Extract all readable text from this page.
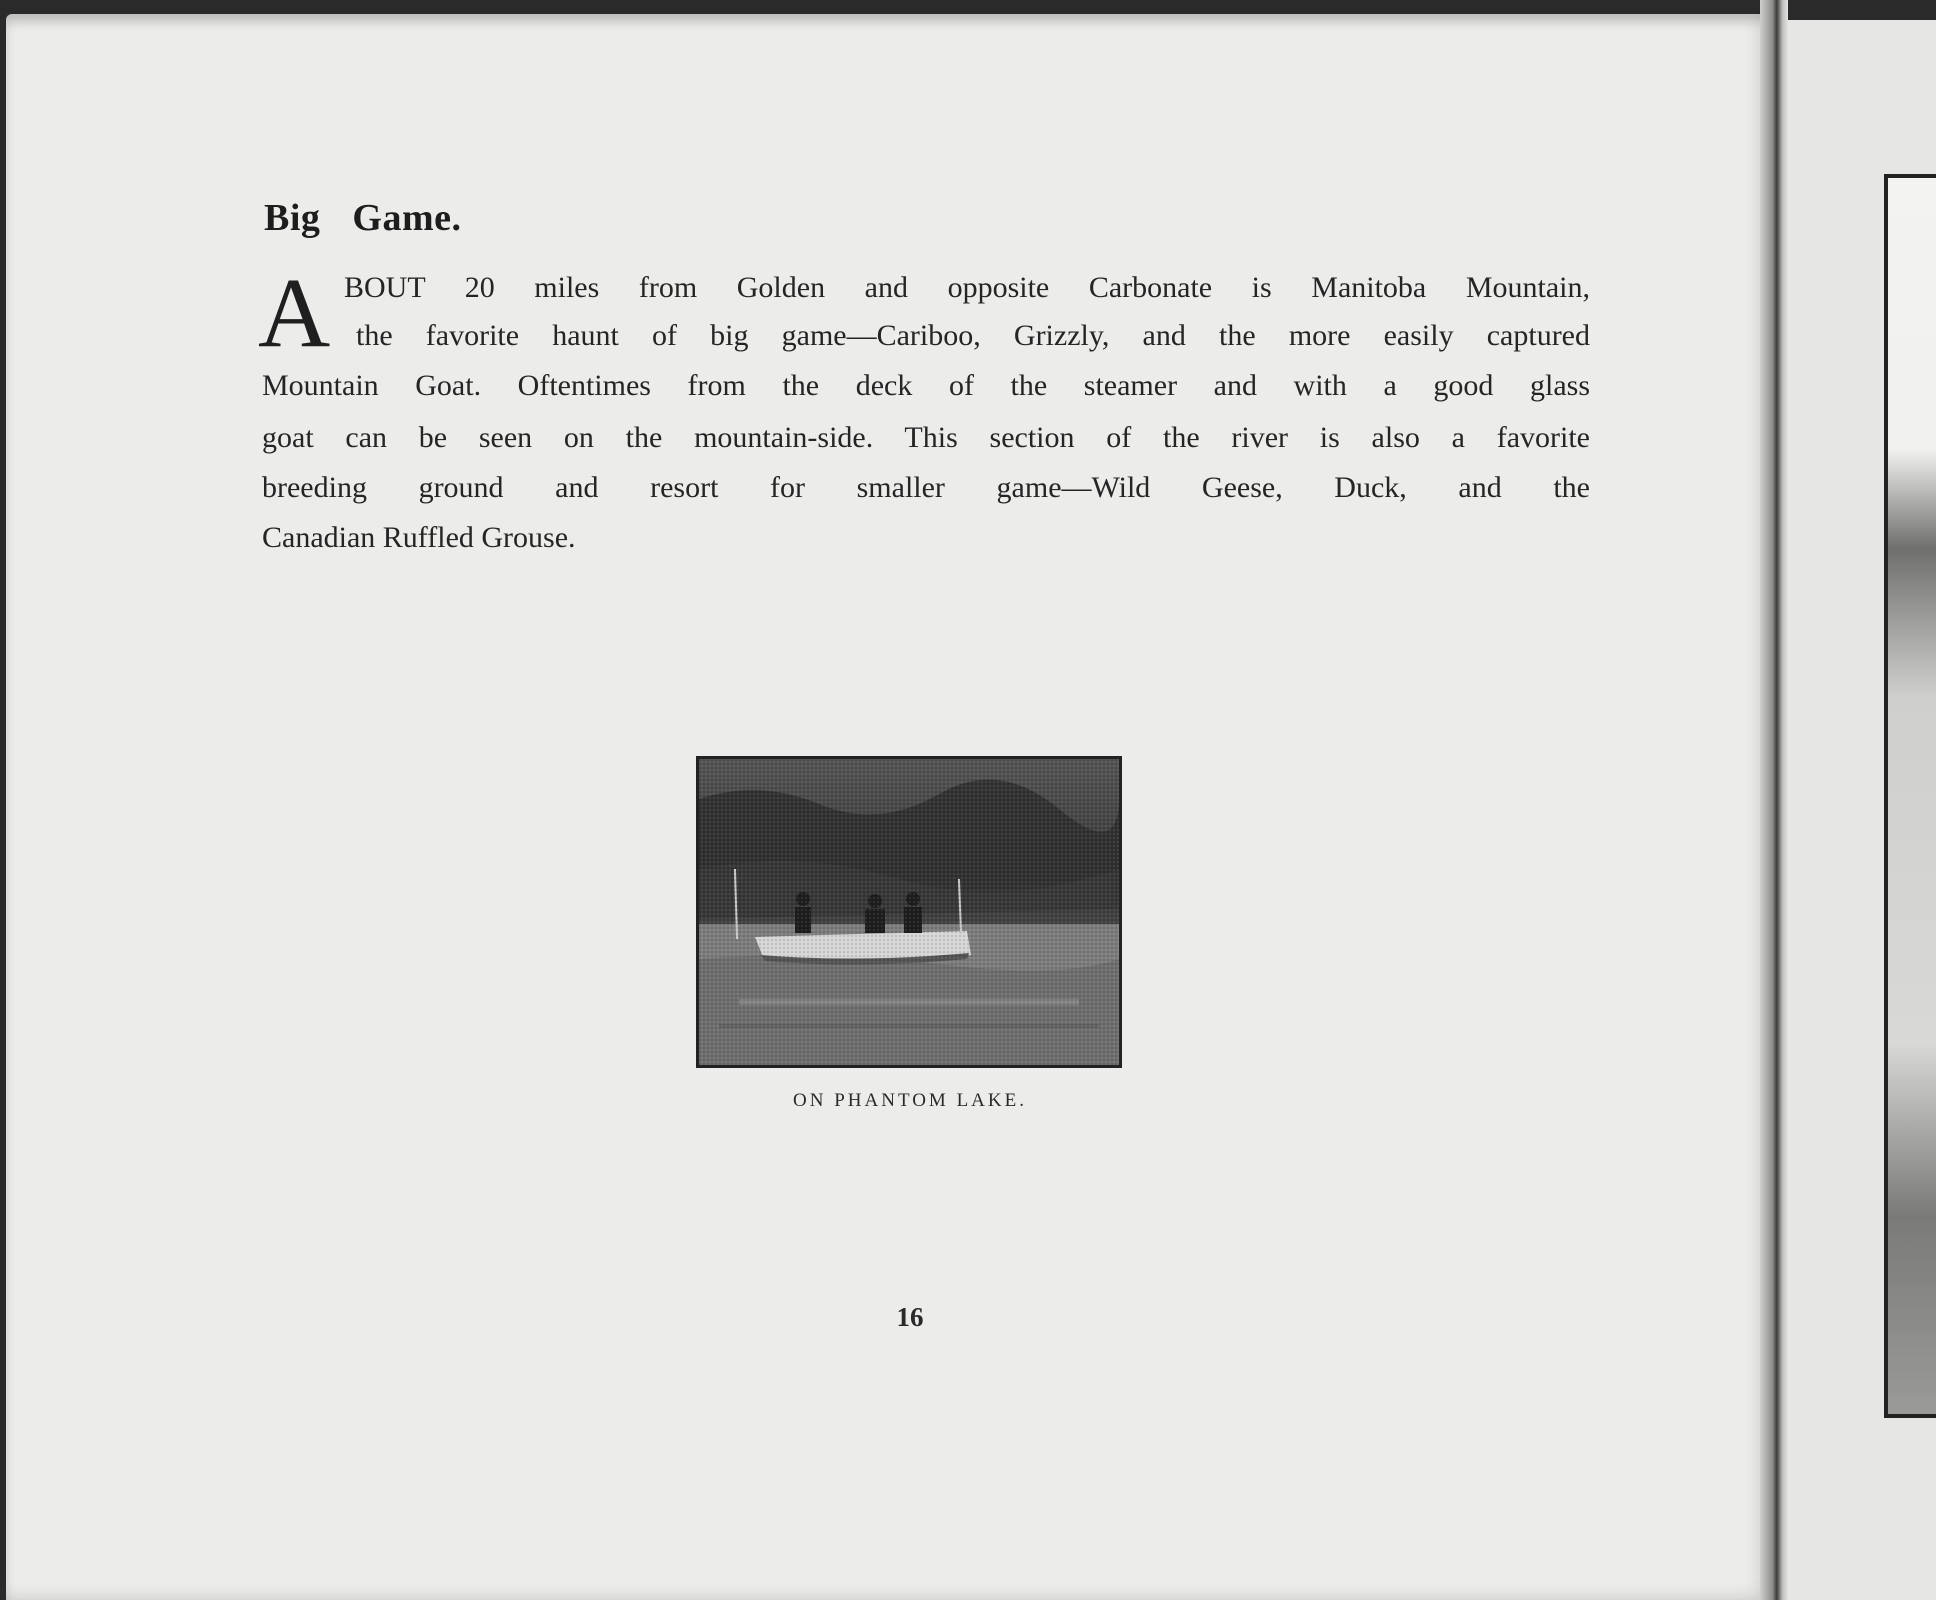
Big Game.
A BOUT 20 miles from Golden and opposite Carbonate is Manitoba Mountain,
the favorite haunt of big game—Cariboo, Grizzly, and the more easily captured
Mountain Goat. Oftentimes from the deck of the steamer and with a good glass
goat can be seen on the mountain-side. This section of the river is also a favorite
breeding ground and resort for smaller game—Wild Geese, Duck, and the
Canadian Ruffled Grouse.
ON PHANTOM LAKE.
16
